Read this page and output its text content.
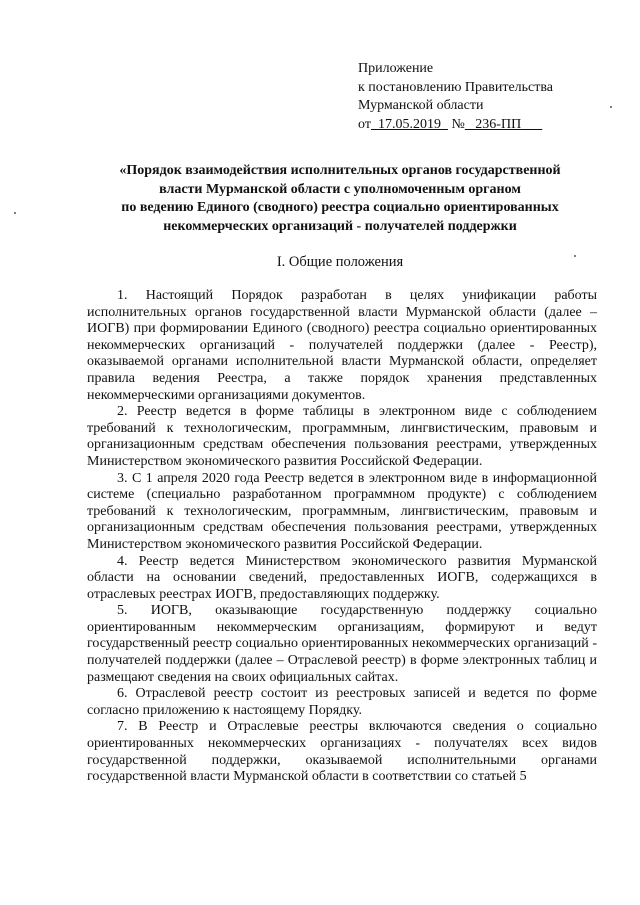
Приложение
к постановлению Правительства
Мурманской области
от 17.05.2019 № 236-ПП
«Порядок взаимодействия исполнительных органов государственной
власти Мурманской области с уполномоченным органом
по ведению Единого (сводного) реестра социально ориентированных
некоммерческих организаций - получателей поддержки
I. Общие положения

1. Настоящий Порядок разработан в целях унификации работы исполнительных органов государственной власти Мурманской области (далее – ИОГВ) при формировании Единого (сводного) реестра социально ориентированных некоммерческих организаций - получателей поддержки (далее - Реестр), оказываемой органами исполнительной власти Мурманской области, определяет правила ведения Реестра, а также порядок хранения представленных некоммерческими организациями документов.

2. Реестр ведется в форме таблицы в электронном виде с соблюдением требований к технологическим, программным, лингвистическим, правовым и организационным средствам обеспечения пользования реестрами, утвержденных Министерством экономического развития Российской Федерации.

3. С 1 апреля 2020 года Реестр ведется в электронном виде в информационной системе (специально разработанном программном продукте) с соблюдением требований к технологическим, программным, лингвистическим, правовым и организационным средствам обеспечения пользования реестрами, утвержденных Министерством экономического развития Российской Федерации.

4. Реестр ведется Министерством экономического развития Мурманской области на основании сведений, предоставленных ИОГВ, содержащихся в отраслевых реестрах ИОГВ, предоставляющих поддержку.

5. ИОГВ, оказывающие государственную поддержку социально ориентированным некоммерческим организациям, формируют и ведут государственный реестр социально ориентированных некоммерческих организаций - получателей поддержки (далее – Отраслевой реестр) в форме электронных таблиц и размещают сведения на своих официальных сайтах.

6. Отраслевой реестр состоит из реестровых записей и ведется по форме согласно приложению к настоящему Порядку.

7. В Реестр и Отраслевые реестры включаются сведения о социально ориентированных некоммерческих организациях - получателях всех видов государственной поддержки, оказываемой исполнительными органами государственной власти Мурманской области в соответствии со статьей 5
